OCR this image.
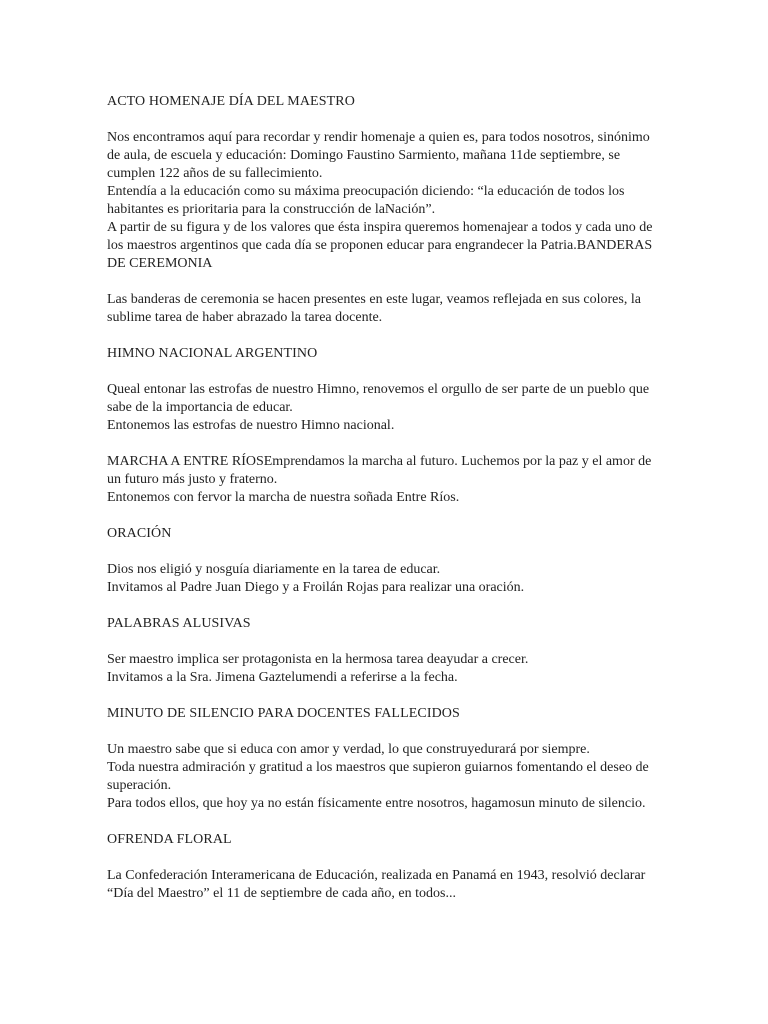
ACTO HOMENAJE DÍA DEL MAESTRO

Nos encontramos aquí para recordar y rendir homenaje a quien es, para todos nosotros, sinónimo de aula, de escuela y educación: Domingo Faustino Sarmiento, mañana 11de septiembre, se cumplen 122 años de su fallecimiento.

Entendía a la educación como su máxima preocupación diciendo: “la educación de todos los habitantes es prioritaria para la construcción de laNación”.

A partir de su figura y de los valores que ésta inspira queremos homenajear a todos y cada uno de los maestros argentinos que cada día se proponen educar para engrandecer la Patria.BANDERAS DE CEREMONIA

Las banderas de ceremonia se hacen presentes en este lugar, veamos reflejada en sus colores, la sublime tarea de haber abrazado la tarea docente.

HIMNO NACIONAL ARGENTINO

Queal entonar las estrofas de nuestro Himno, renovemos el orgullo de ser parte de un pueblo que sabe de la importancia de educar.

Entonemos las estrofas de nuestro Himno nacional.

MARCHA A ENTRE RÍOSEmprendamos la marcha al futuro. Luchemos por la paz y el amor de un futuro más justo y fraterno.

Entonemos con fervor la marcha de nuestra soñada Entre Ríos.

ORACIÓN

Dios nos eligió y nosguía diariamente en la tarea de educar.

Invitamos al Padre Juan Diego y a Froilán Rojas para realizar una oración.

PALABRAS ALUSIVAS

Ser maestro implica ser protagonista en la hermosa tarea deayudar a crecer.

Invitamos a la Sra. Jimena Gaztelumendi a referirse a la fecha.

MINUTO DE SILENCIO PARA DOCENTES FALLECIDOS

Un maestro sabe que si educa con amor y verdad, lo que construyedurará por siempre.

Toda nuestra admiración y gratitud a los maestros que supieron guiarnos fomentando el deseo de superación.

Para todos ellos, que hoy ya no están físicamente entre nosotros, hagamosun minuto de silencio.

OFRENDA FLORAL

La Confederación Interamericana de Educación, realizada en Panamá en 1943, resolvió declarar “Día del Maestro” el 11 de septiembre de cada año, en todos...
